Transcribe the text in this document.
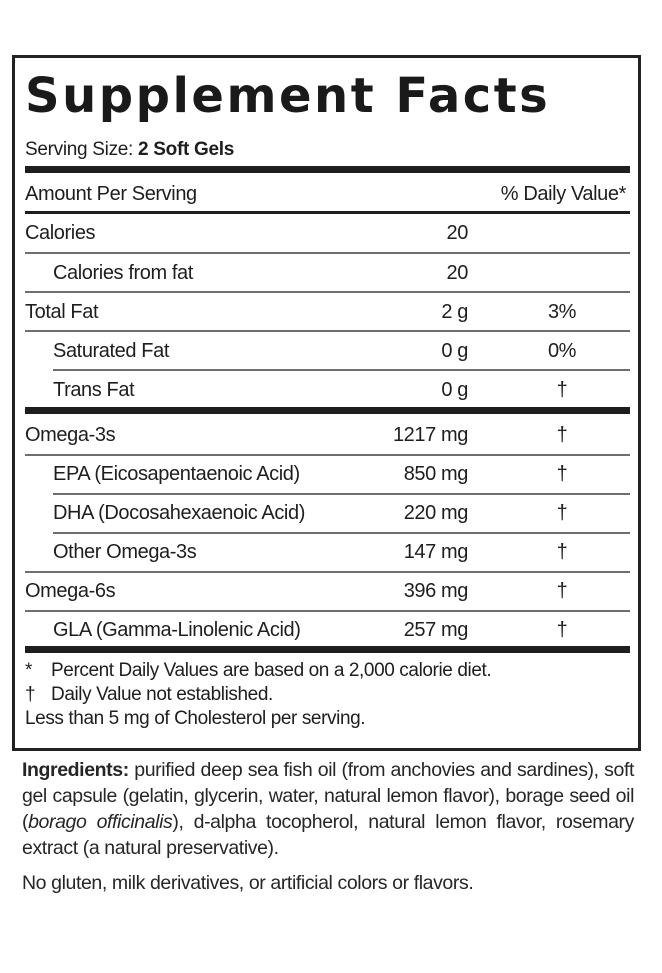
Supplement Facts
Serving Size: 2 Soft Gels
Amount Per Serving	% Daily Value*
Calories	20
Calories from fat	20
Total Fat	2 g	3%
Saturated Fat	0 g	0%
Trans Fat	0 g	†
Omega-3s	1217 mg	†
EPA (Eicosapentaenoic Acid)	850 mg	†
DHA (Docosahexaenoic Acid)	220 mg	†
Other Omega-3s	147 mg	†
Omega-6s	396 mg	†
GLA (Gamma-Linolenic Acid)	257 mg	†
* Percent Daily Values are based on a 2,000 calorie diet.
† Daily Value not established.
Less than 5 mg of Cholesterol per serving.
Ingredients: purified deep sea fish oil (from anchovies and sardines), soft gel capsule (gelatin, glycerin, water, natural lemon flavor), borage seed oil (borago officinalis), d-alpha tocopherol, natural lemon flavor, rosemary extract (a natural preservative).
No gluten, milk derivatives, or artificial colors or flavors.
